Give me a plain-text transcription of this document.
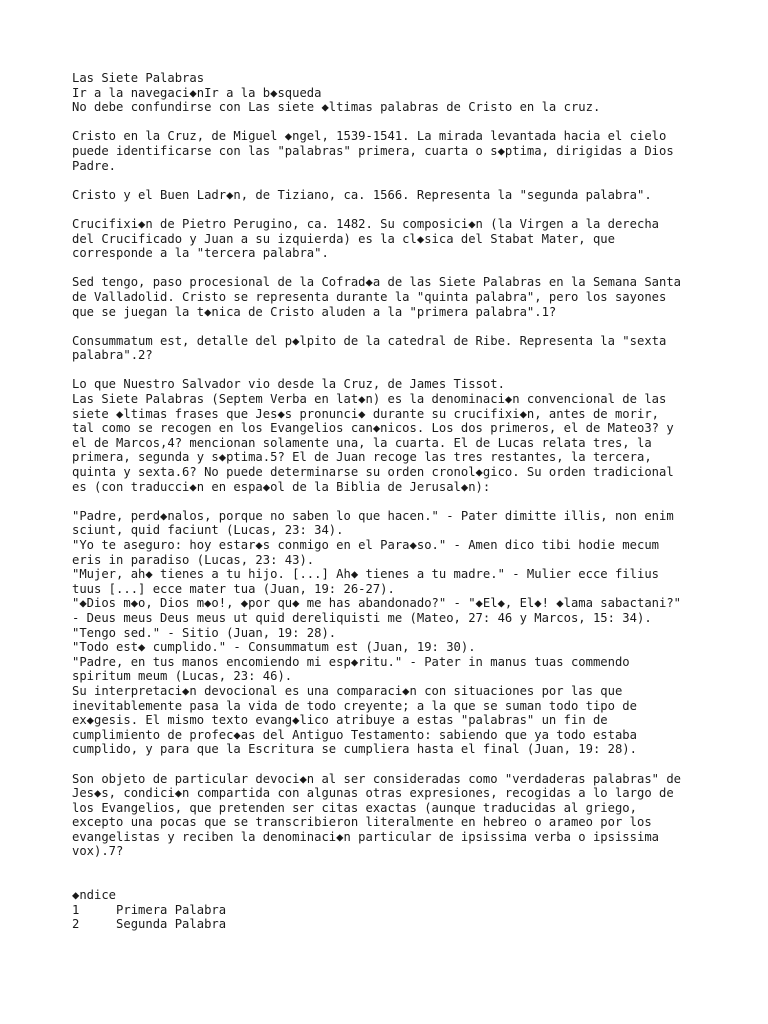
Las Siete Palabras
Ir a la navegaci◆nIr a la b◆squeda
No debe confundirse con Las siete ◆ltimas palabras de Cristo en la cruz.
Cristo en la Cruz, de Miguel ◆ngel, 1539-1541. La mirada levantada hacia el cielo
puede identificarse con las "palabras" primera, cuarta o s◆ptima, dirigidas a Dios
Padre.
Cristo y el Buen Ladr◆n, de Tiziano, ca. 1566. Representa la "segunda palabra".
Crucifixi◆n de Pietro Perugino, ca. 1482. Su composici◆n (la Virgen a la derecha
del Crucificado y Juan a su izquierda) es la cl◆sica del Stabat Mater, que
corresponde a la "tercera palabra".
Sed tengo, paso procesional de la Cofrad◆a de las Siete Palabras en la Semana Santa
de Valladolid. Cristo se representa durante la "quinta palabra", pero los sayones
que se juegan la t◆nica de Cristo aluden a la "primera palabra".1?
Consummatum est, detalle del p◆lpito de la catedral de Ribe. Representa la "sexta
palabra".2?
Lo que Nuestro Salvador vio desde la Cruz, de James Tissot.
Las Siete Palabras (Septem Verba en lat◆n) es la denominaci◆n convencional de las
siete ◆ltimas frases que Jes◆s pronunci◆ durante su crucifixi◆n, antes de morir,
tal como se recogen en los Evangelios can◆nicos. Los dos primeros, el de Mateo3? y
el de Marcos,4? mencionan solamente una, la cuarta. El de Lucas relata tres, la
primera, segunda y s◆ptima.5? El de Juan recoge las tres restantes, la tercera,
quinta y sexta.6? No puede determinarse su orden cronol◆gico. Su orden tradicional
es (con traducci◆n en espa◆ol de la Biblia de Jerusal◆n):
"Padre, perd◆nalos, porque no saben lo que hacen." - Pater dimitte illis, non enim
sciunt, quid faciunt (Lucas, 23: 34).
"Yo te aseguro: hoy estar◆s conmigo en el Para◆so." - Amen dico tibi hodie mecum
eris in paradiso (Lucas, 23: 43).
"Mujer, ah◆ tienes a tu hijo. [...] Ah◆ tienes a tu madre." - Mulier ecce filius
tuus [...] ecce mater tua (Juan, 19: 26-27).
"◆Dios m◆o, Dios m◆o!, ◆por qu◆ me has abandonado?" - "◆El◆, El◆! ◆lama sabactani?"
- Deus meus Deus meus ut quid dereliquisti me (Mateo, 27: 46 y Marcos, 15: 34).
"Tengo sed." - Sitio (Juan, 19: 28).
"Todo est◆ cumplido." - Consummatum est (Juan, 19: 30).
"Padre, en tus manos encomiendo mi esp◆ritu." - Pater in manus tuas commendo
spiritum meum (Lucas, 23: 46).
Su interpretaci◆n devocional es una comparaci◆n con situaciones por las que
inevitablemente pasa la vida de todo creyente; a la que se suman todo tipo de
ex◆gesis. El mismo texto evang◆lico atribuye a estas "palabras" un fin de
cumplimiento de profec◆as del Antiguo Testamento: sabiendo que ya todo estaba
cumplido, y para que la Escritura se cumpliera hasta el final (Juan, 19: 28).
Son objeto de particular devoci◆n al ser consideradas como "verdaderas palabras" de
Jes◆s, condici◆n compartida con algunas otras expresiones, recogidas a lo largo de
los Evangelios, que pretenden ser citas exactas (aunque traducidas al griego,
excepto una pocas que se transcribieron literalmente en hebreo o arameo por los
evangelistas y reciben la denominaci◆n particular de ipsissima verba o ipsissima
vox).7?
◆ndice
1     Primera Palabra
2     Segunda Palabra
